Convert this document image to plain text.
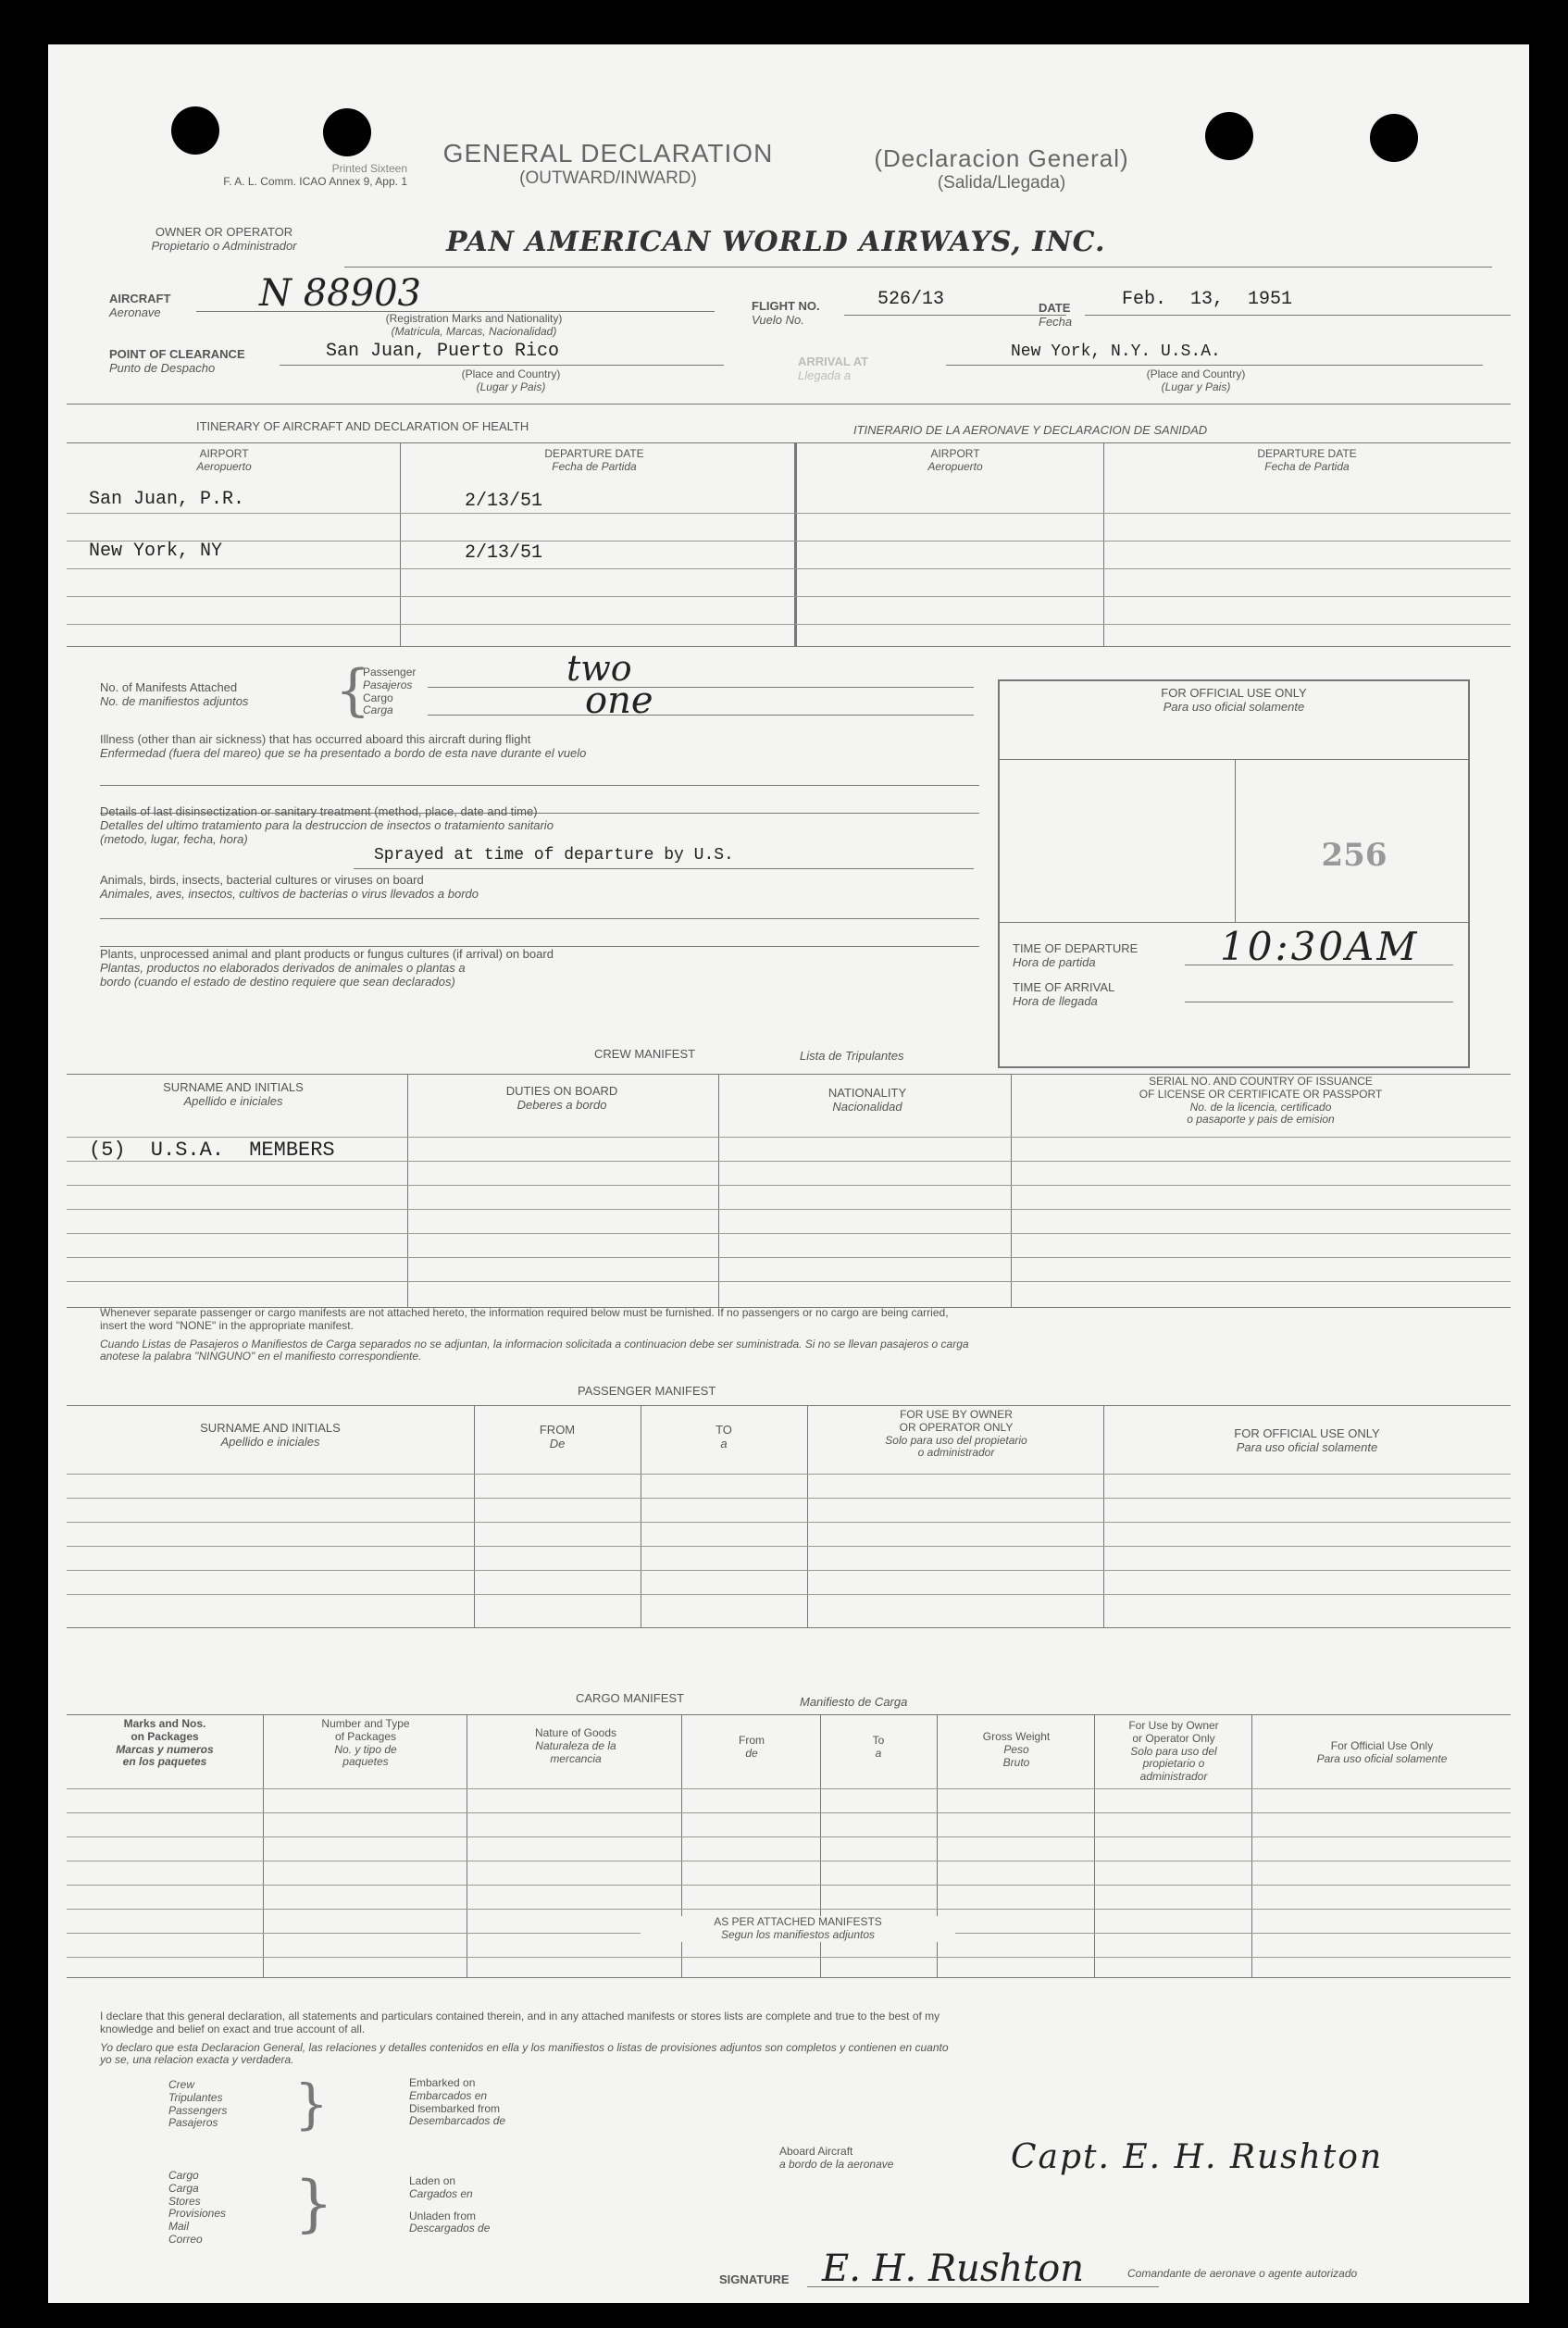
Printed Sixteen
F. A. L. Comm. ICAO Annex 9, App. 1
GENERAL DECLARATION
(OUTWARD/INWARD)
(Declaracion General)
(Salida/Llegada)
OWNER OR OPERATOR
Propietario o Administrador	PAN AMERICAN WORLD AIRWAYS, INC.
AIRCRAFT
Aeronave	N 88903
(Registration Marks and Nationality)
(Matricula, Marcas, Nacionalidad)
FLIGHT NO.
Vuelo No.
526/13	DATE
Fecha
Feb. 13, 1951
POINT OF CLEARANCE
Punto de Despacho
San Juan, Puerto Rico
(Place and Country)
(Lugar y Pais)
ARRIVAL AT
Llegada a
New York, N.Y. U.S.A.
(Place and Country)
(Lugar y Pais)
ITINERARY OF AIRCRAFT AND DECLARATION OF HEALTH	ITINERARIO DE LA AERONAVE Y DECLARACION DE SANIDAD
AIRPORT
Aeropuerto
DEPARTURE DATE
Fecha de Partida
AIRPORT
Aeropuerto
DEPARTURE DATE
Fecha de Partida
San Juan, P.R.	2/13/51
New York, NY	2/13/51
No. of Manifests Attached
No. de manifiestos adjuntos {
Passenger
Pasajeros
Cargo
Carga
two
one
Illness (other than air sickness) that has occurred aboard this aircraft during flight
Enfermedad (fuera del mareo) que se ha presentado a bordo de esta nave durante el vuelo
Details of last disinsectization or sanitary treatment (method, place, date and time)
Detalles del ultimo tratamiento para la destruccion de insectos o tratamiento sanitario
(metodo, lugar, fecha, hora)
Sprayed at time of departure by U.S.
Animals, birds, insects, bacterial cultures or viruses on board
Animales, aves, insectos, cultivos de bacterias o virus llevados a bordo
Plants, unprocessed animal and plant products or fungus cultures (if arrival) on board
Plantas, productos no elaborados derivados de animales o plantas a
bordo (cuando el estado de destino requiere que sean declarados)
FOR OFFICIAL USE ONLY
Para uso oficial solamente
256
TIME OF DEPARTURE
Hora de partida	10:30AM
TIME OF ARRIVAL
Hora de llegada
CREW MANIFEST	Lista de Tripulantes
SURNAME AND INITIALS
Apellido e iniciales
DUTIES ON BOARD
Deberes a bordo
NATIONALITY
Nacionalidad
SERIAL NO. AND COUNTRY OF ISSUANCE
OF LICENSE OR CERTIFICATE OR PASSPORT
No. de la licencia, certificado
o pasaporte y pais de emision
(5) U.S.A. MEMBERS
Whenever separate passenger or cargo manifests are not attached hereto, the information required below must be furnished. If no passengers or no cargo are being carried,
insert the word "NONE" in the appropriate manifest.
Cuando Listas de Pasajeros o Manifiestos de Carga separados no se adjuntan, la informacion solicitada a continuacion debe ser suministrada. Si no se llevan pasajeros o carga
anotese la palabra "NINGUNO" en el manifiesto correspondiente.
PASSENGER MANIFEST
SURNAME AND INITIALS
Apellido e iniciales
FROM
De
TO
a
FOR USE BY OWNER
OR OPERATOR ONLY
Solo para uso del propietario
o administrador
FOR OFFICIAL USE ONLY
Para uso oficial solamente
CARGO MANIFEST	Manifiesto de Carga
Marks and Nos.
on Packages
Marcas y numeros
en los paquetes
Number and Type
of Packages
No. y tipo de
paquetes
Nature of Goods
Naturaleza de la
mercancia
From
de
To
a
Gross Weight
Peso
Bruto
For Use by Owner
or Operator Only
Solo para uso del
propietario o
administrador
For Official Use Only
Para uso oficial solamente
AS PER ATTACHED MANIFESTS
Segun los manifiestos adjuntos
I declare that this general declaration, all statements and particulars contained therein, and in any attached manifests or stores lists are complete and true to the best of my
knowledge and belief on exact and true account of all.
Yo declaro que esta Declaracion General, las relaciones y detalles contenidos en ella y los manifiestos o listas de provisiones adjuntos son completos y contienen en cuanto
yo se, una relacion exacta y verdadera.
Crew
Tripulantes
Passengers
Pasajeros }	Embarked on
Embarcados en
Disembarked from
Desembarcados de
Cargo
Carga
Stores
Provisiones
Mail
Correo	}	Laden on
Cargados en
Unladen from
Descargados de
Aboard Aircraft
a bordo de la aeronave	Capt. E. H. Rushton
SIGNATURE E. H. Rushton	Comandante de aeronave o agente autorizado
